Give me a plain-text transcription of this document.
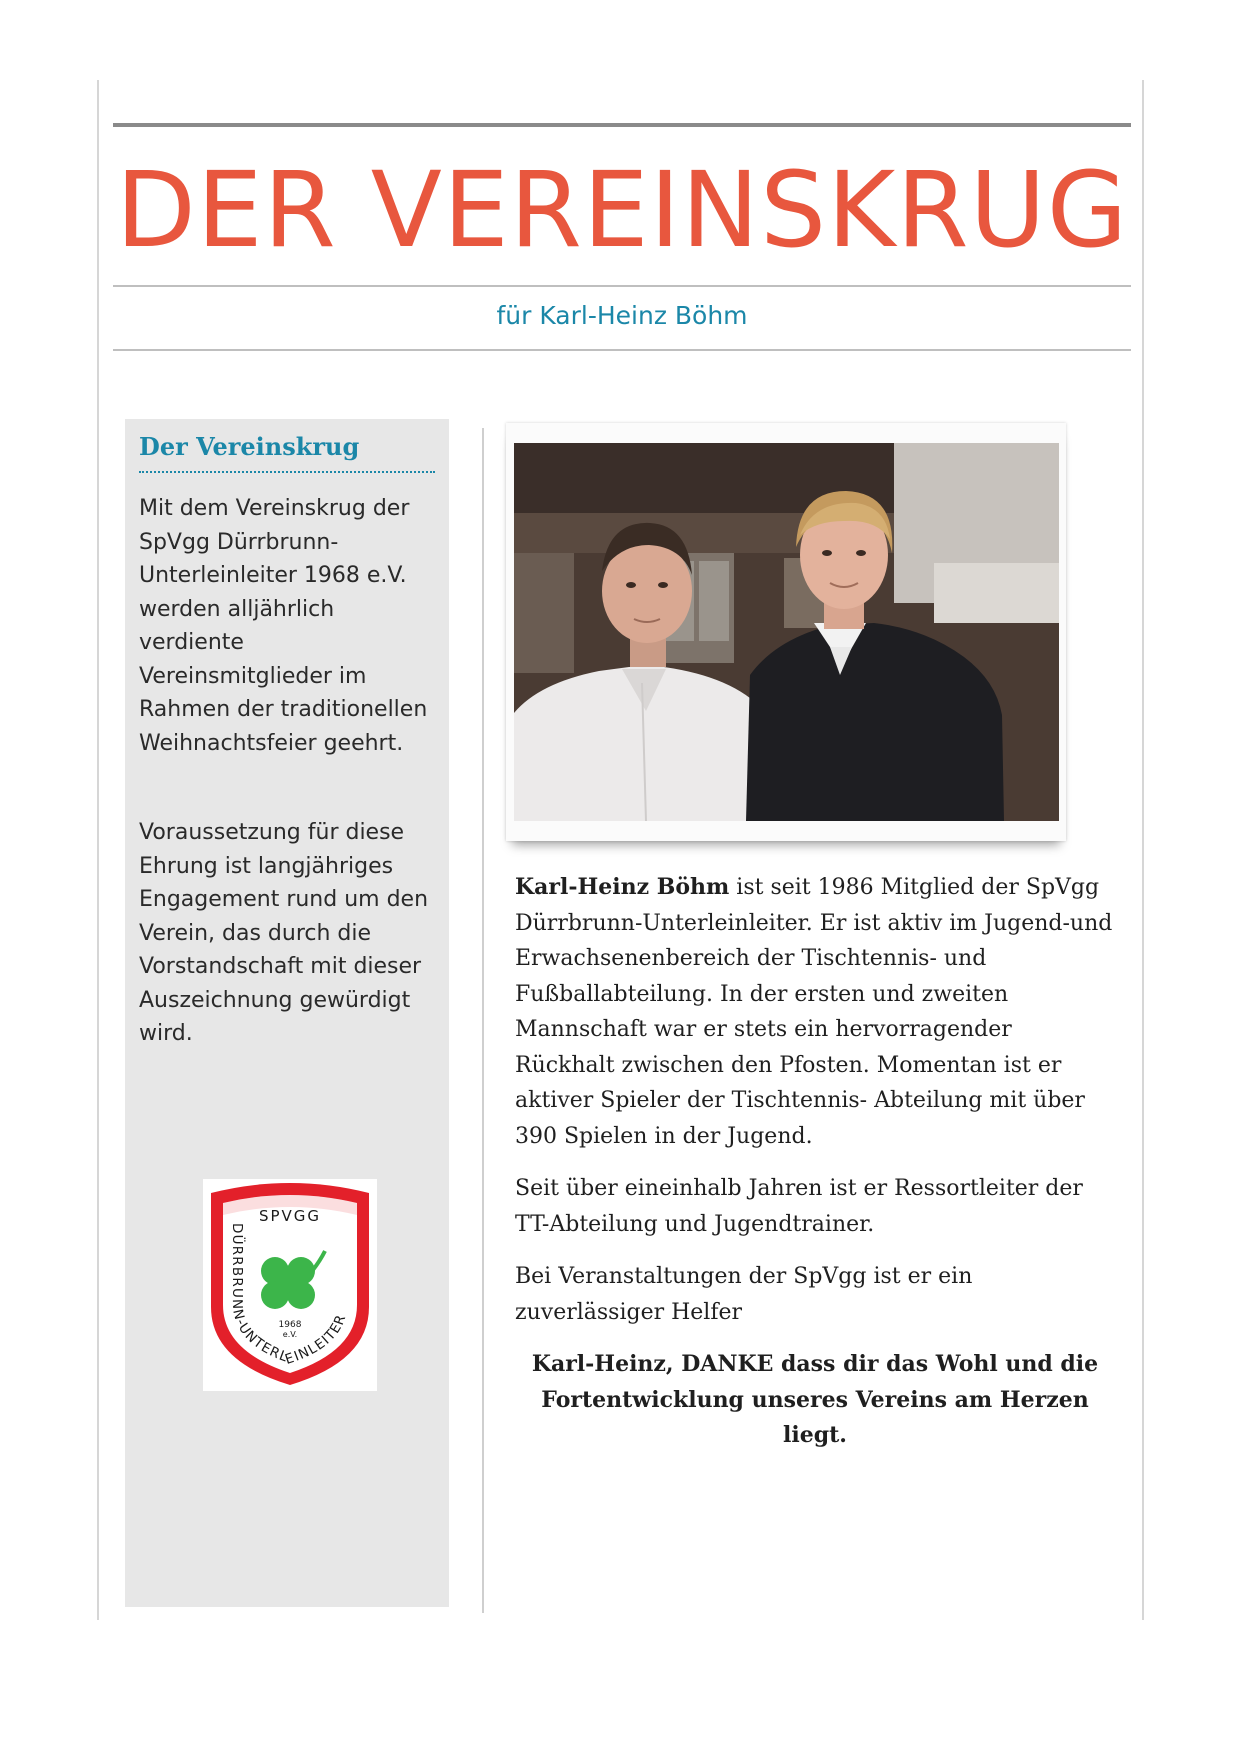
DER VEREINSKRUG
für Karl-Heinz Böhm
Der Vereinskrug

Mit dem Vereinskrug der SpVgg Dürrbrunn-Unterleinleiter 1968 e.V. werden alljährlich verdiente Vereinsmitglieder im Rahmen der traditionellen Weihnachtsfeier geehrt.

Voraussetzung für diese Ehrung ist langjähriges Engagement rund um den Verein, das durch die Vorstandschaft mit dieser Auszeichnung gewürdigt wird.

SPVGG
DÜRRBRUNN-UNTERLEINLEITER
1968
e.V.

Karl-Heinz Böhm ist seit 1986 Mitglied der SpVgg Dürrbrunn-Unterleinleiter. Er ist aktiv im Jugend-und Erwachsenenbereich der Tischtennis- und Fußballabteilung. In der ersten und zweiten Mannschaft war er stets ein hervorragender Rückhalt zwischen den Pfosten. Momentan ist er aktiver Spieler der Tischtennis- Abteilung mit über 390 Spielen in der Jugend.

Seit über eineinhalb Jahren ist er Ressortleiter der TT-Abteilung und Jugendtrainer.

Bei Veranstaltungen der SpVgg ist er ein zuverlässiger Helfer

Karl-Heinz, DANKE dass dir das Wohl und die Fortentwicklung unseres Vereins am Herzen liegt.
